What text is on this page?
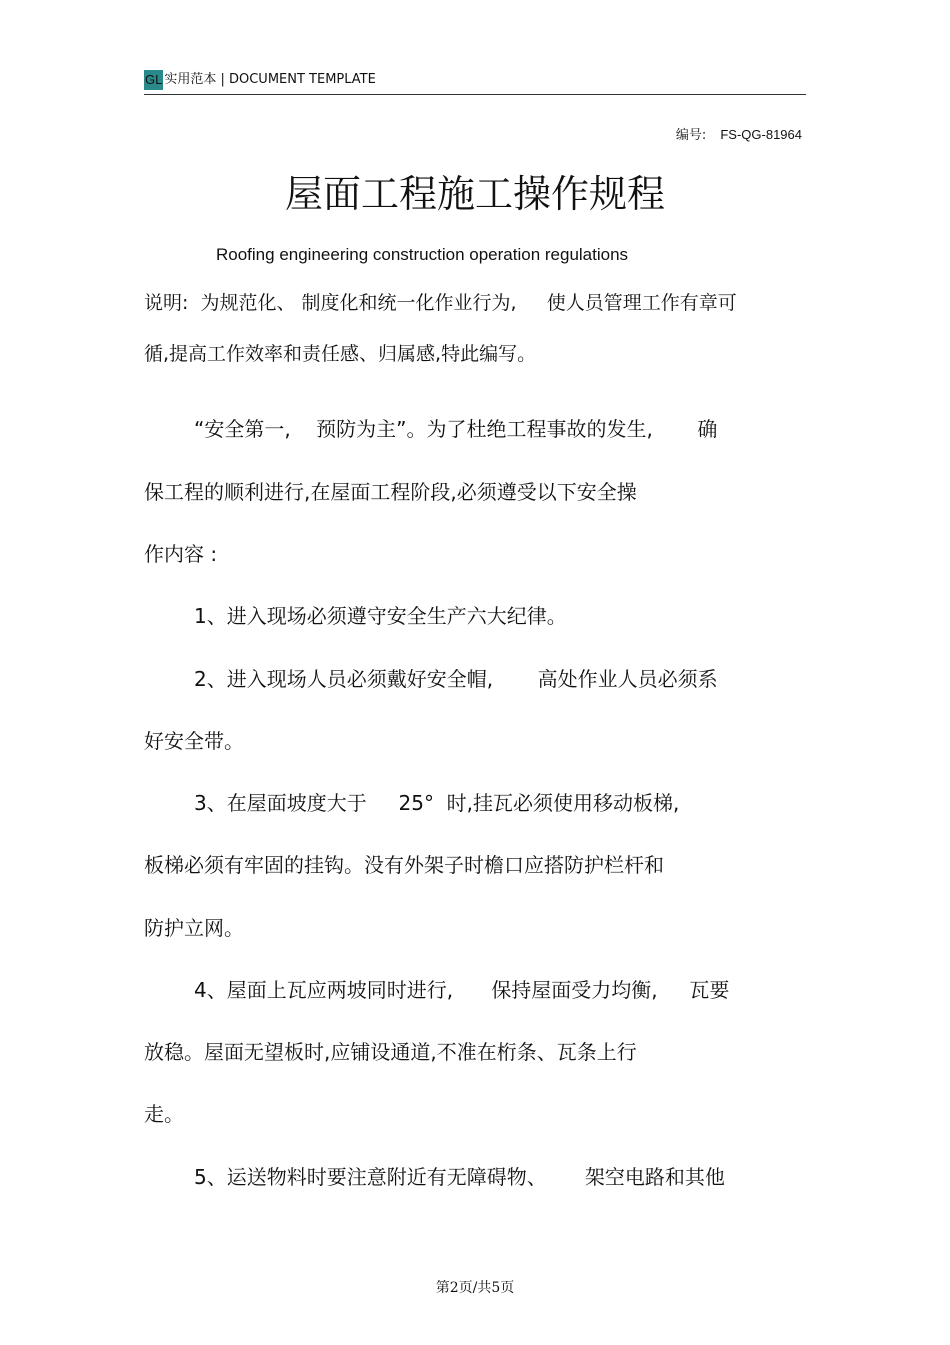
GL 实用范本 | DOCUMENT TEMPLATE
编号: FS-QG-81964
屋面工程施工操作规程
Roofing engineering construction operation regulations
说明:  为规范化、 制度化和统一化作业行为,     使人员管理工作有章可
循,提高工作效率和责任感、归属感,特此编写。
“安全第一,    预防为主”。为了杜绝工程事故的发生,       确
保工程的顺利进行,在屋面工程阶段,必须遵受以下安全操
作内容 :
1、进入现场必须遵守安全生产六大纪律。
2、进入现场人员必须戴好安全帽,       高处作业人员必须系
好安全带。
3、在屋面坡度大于     25°  时,挂瓦必须使用移动板梯,
板梯必须有牢固的挂钩。没有外架子时檐口应搭防护栏杆和
防护立网。
4、屋面上瓦应两坡同时进行,      保持屋面受力均衡,     瓦要
放稳。屋面无望板时,应铺设通道,不准在桁条、瓦条上行
走。
5、运送物料时要注意附近有无障碍物、      架空电路和其他
第2页/共5页
